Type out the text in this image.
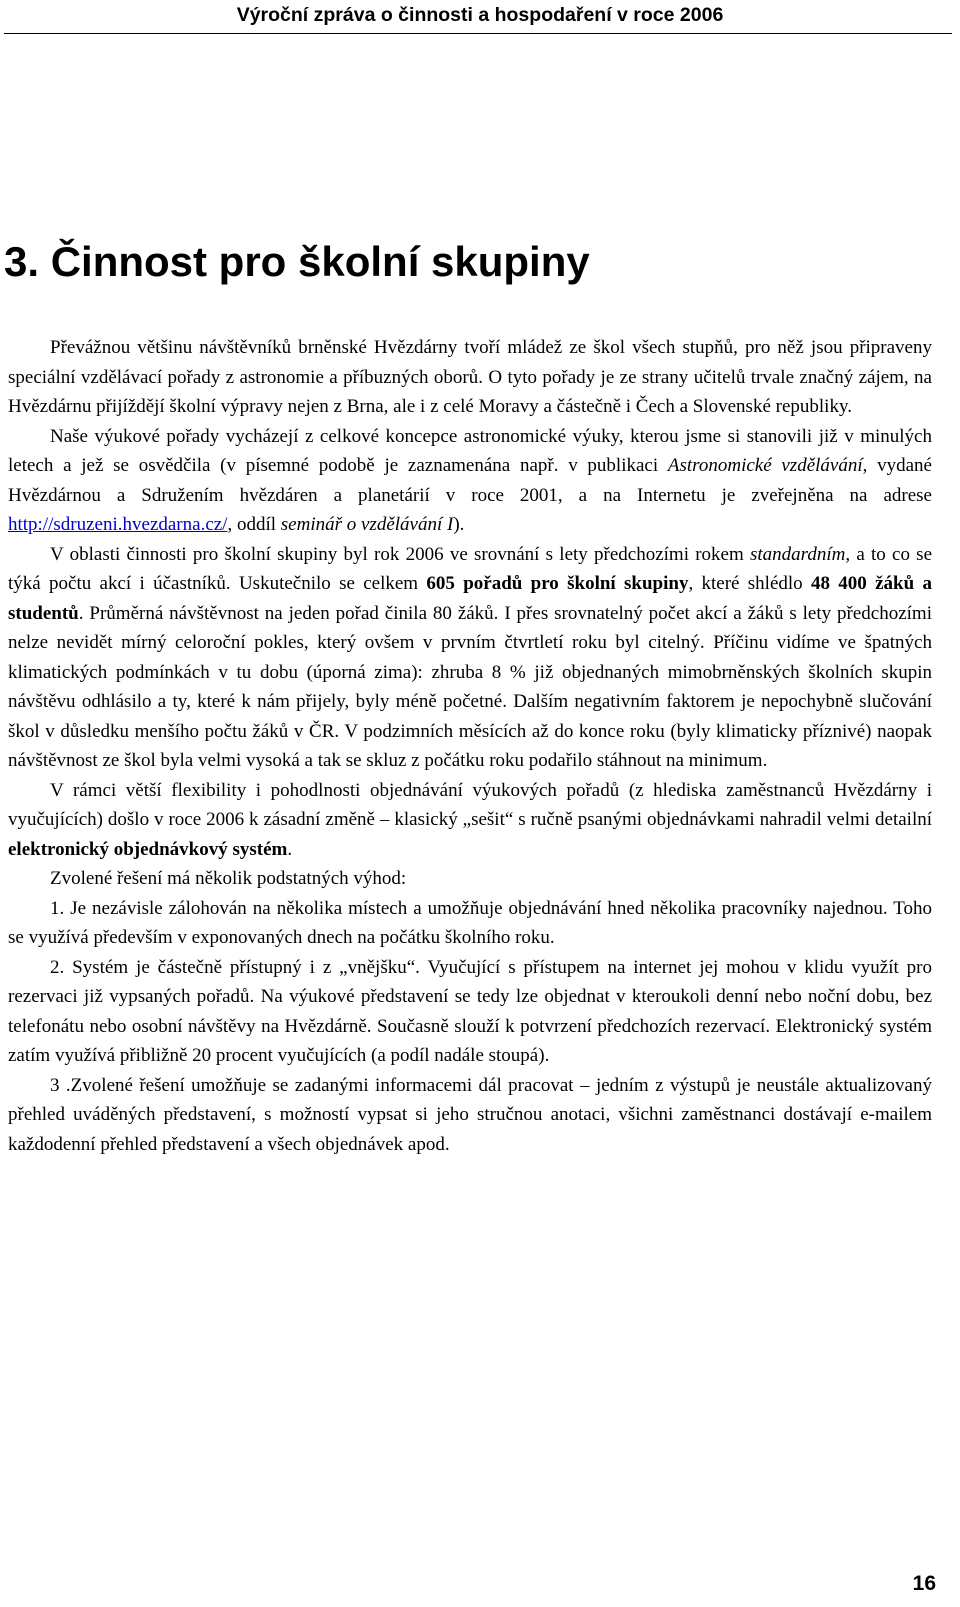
Výroční zpráva o činnosti a hospodaření v roce 2006
3. Činnost pro školní skupiny

Převážnou většinu návštěvníků brněnské Hvězdárny tvoří mládež ze škol všech stupňů, pro něž jsou připraveny speciální vzdělávací pořady z astronomie a příbuzných oborů. O tyto pořady je ze strany učitelů trvale značný zájem, na Hvězdárnu přijíždějí školní výpravy nejen z Brna, ale i z celé Moravy a částečně i Čech a Slovenské republiky.

Naše výukové pořady vycházejí z celkové koncepce astronomické výuky, kterou jsme si stanovili již v minulých letech a jež se osvědčila (v písemné podobě je zaznamenána např. v publikaci Astronomické vzdělávání, vydané Hvězdárnou a Sdružením hvězdáren a planetárií v roce 2001, a na Internetu je zveřejněna na adrese http://sdruzeni.hvezdarna.cz/, oddíl seminář o vzdělávání I).

V oblasti činnosti pro školní skupiny byl rok 2006 ve srovnání s lety předchozími rokem standardním, a to co se týká počtu akcí i účastníků. Uskutečnilo se celkem 605 pořadů pro školní skupiny, které shlédlo 48 400 žáků a studentů. Průměrná návštěvnost na jeden pořad činila 80 žáků. I přes srovnatelný počet akcí a žáků s lety předchozími nelze nevidět mírný celoroční pokles, který ovšem v prvním čtvrtletí roku byl citelný. Příčinu vidíme ve špatných klimatických podmínkách v tu dobu (úporná zima): zhruba 8 % již objednaných mimobrněnských školních skupin návštěvu odhlásilo a ty, které k nám přijely, byly méně početné. Dalším negativním faktorem je nepochybně slučování škol v důsledku menšího počtu žáků v ČR. V podzimních měsících až do konce roku (byly klimaticky příznivé) naopak návštěvnost ze škol byla velmi vysoká a tak se skluz z počátku roku podařilo stáhnout na minimum.

V rámci větší flexibility i pohodlnosti objednávání výukových pořadů (z hlediska zaměstnanců Hvězdárny i vyučujících) došlo v roce 2006 k zásadní změně – klasický „sešit“ s ručně psanými objednávkami nahradil velmi detailní elektronický objednávkový systém.

Zvolené řešení má několik podstatných výhod:

1. Je nezávisle zálohován na několika místech a umožňuje objednávání hned několika pracovníky najednou. Toho se využívá především v exponovaných dnech na počátku školního roku.

2. Systém je částečně přístupný i z „vnějšku“. Vyučující s přístupem na internet jej mohou v klidu využít pro rezervaci již vypsaných pořadů. Na výukové představení se tedy lze objednat v kteroukoli denní nebo noční dobu, bez telefonátu nebo osobní návštěvy na Hvězdárně. Současně slouží k potvrzení předchozích rezervací. Elektronický systém zatím využívá přibližně 20 procent vyučujících (a podíl nadále stoupá).

3 .Zvolené řešení umožňuje se zadanými informacemi dál pracovat – jedním z výstupů je neustále aktualizovaný přehled uváděných představení, s možností vypsat si jeho stručnou anotaci, všichni zaměstnanci dostávají e-mailem každodenní přehled představení a všech objednávek apod.

16
